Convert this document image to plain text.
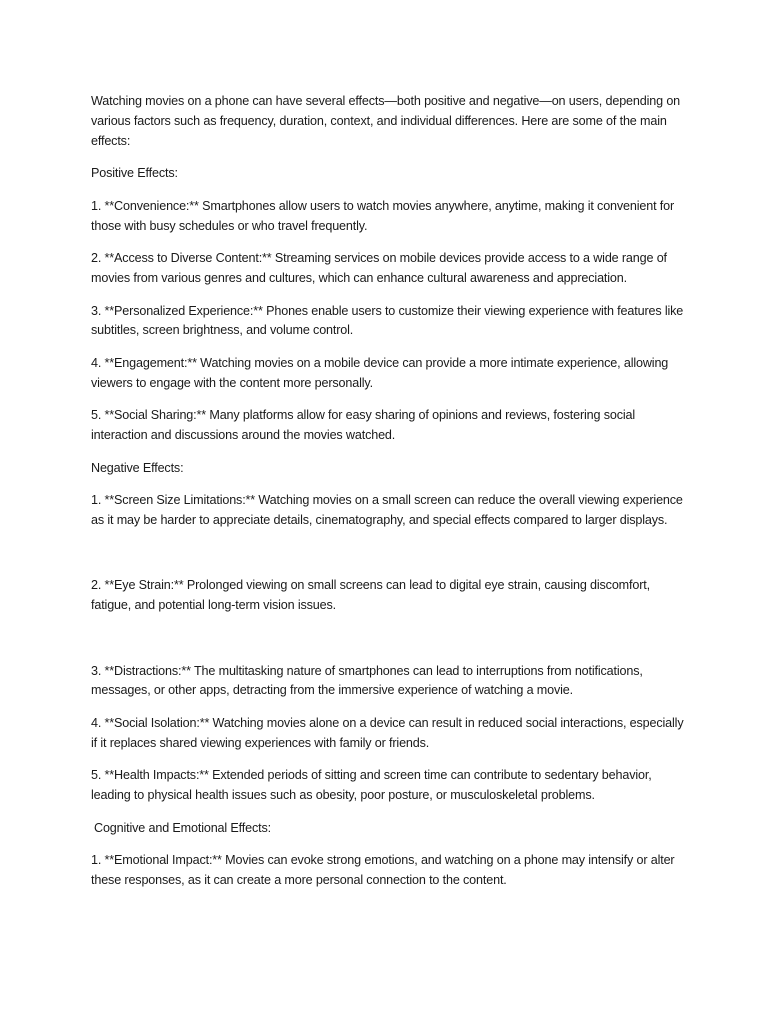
Watching movies on a phone can have several effects—both positive and negative—on users, depending on various factors such as frequency, duration, context, and individual differences. Here are some of the main effects:

Positive Effects:

1. **Convenience:** Smartphones allow users to watch movies anywhere, anytime, making it convenient for those with busy schedules or who travel frequently.

2. **Access to Diverse Content:** Streaming services on mobile devices provide access to a wide range of movies from various genres and cultures, which can enhance cultural awareness and appreciation.

3. **Personalized Experience:** Phones enable users to customize their viewing experience with features like subtitles, screen brightness, and volume control.

4. **Engagement:** Watching movies on a mobile device can provide a more intimate experience, allowing viewers to engage with the content more personally.

5. **Social Sharing:** Many platforms allow for easy sharing of opinions and reviews, fostering social interaction and discussions around the movies watched.

Negative Effects:

1. **Screen Size Limitations:** Watching movies on a small screen can reduce the overall viewing experience as it may be harder to appreciate details, cinematography, and special effects compared to larger displays.

2. **Eye Strain:** Prolonged viewing on small screens can lead to digital eye strain, causing discomfort, fatigue, and potential long-term vision issues.

3. **Distractions:** The multitasking nature of smartphones can lead to interruptions from notifications, messages, or other apps, detracting from the immersive experience of watching a movie.

4. **Social Isolation:** Watching movies alone on a device can result in reduced social interactions, especially if it replaces shared viewing experiences with family or friends.

5. **Health Impacts:** Extended periods of sitting and screen time can contribute to sedentary behavior, leading to physical health issues such as obesity, poor posture, or musculoskeletal problems.

Cognitive and Emotional Effects:

1. **Emotional Impact:** Movies can evoke strong emotions, and watching on a phone may intensify or alter these responses, as it can create a more personal connection to the content.
